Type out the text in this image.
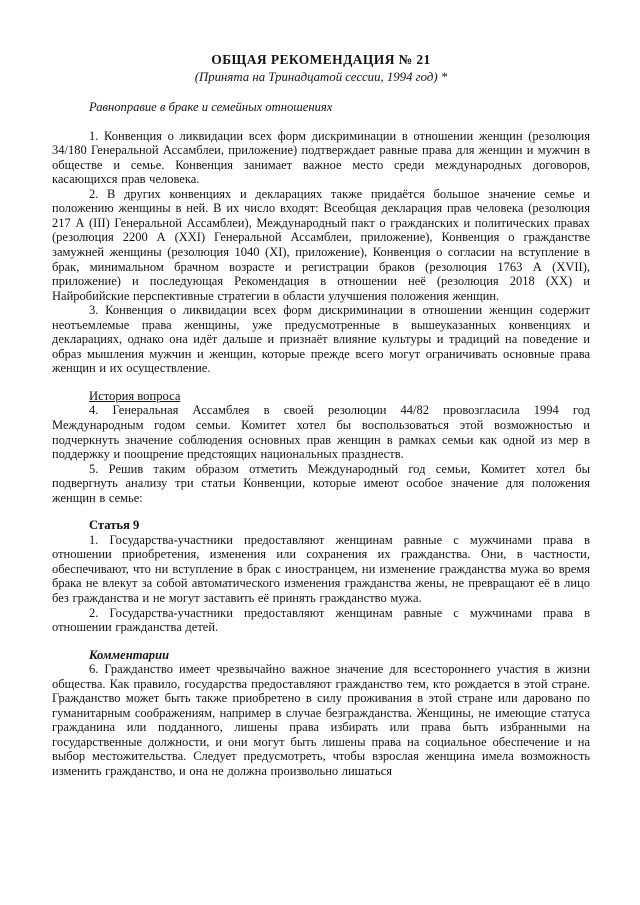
ОБЩАЯ РЕКОМЕНДАЦИЯ № 21
(Принята на Тринадцатой сессии, 1994 год) *
Равноправие в браке и семейных отношениях

1. Конвенция о ликвидации всех форм дискриминации в отношении женщин (резолюция 34/180 Генеральной Ассамблеи, приложение) подтверждает равные права для женщин и мужчин в обществе и семье. Конвенция занимает важное место среди международных договоров, касающихся прав человека.

2. В других конвенциях и декларациях также придаётся большое значение семье и положению женщины в ней. В их число входят: Всеобщая декларация прав человека (резолюция 217 А (III) Генеральной Ассамблеи), Международный пакт о гражданских и политических правах (резолюция 2200 А (XXI) Генеральной Ассамблеи, приложение), Конвенция о гражданстве замужней женщины (резолюция 1040 (XI), приложение), Конвенция о согласии на вступление в брак, минимальном брачном возрасте и регистрации браков (резолюция 1763 А (XVII), приложение) и последующая Рекомендация в отношении неё (резолюция 2018 (XX) и Найробийские перспективные стратегии в области улучшения положения женщин.

3. Конвенция о ликвидации всех форм дискриминации в отношении женщин содержит неотъемлемые права женщины, уже предусмотренные в вышеуказанных конвенциях и декларациях, однако она идёт дальше и признаёт влияние культуры и традиций на поведение и образ мышления мужчин и женщин, которые прежде всего могут ограничивать основные права женщин и их осуществление.

История вопроса

4. Генеральная Ассамблея в своей резолюции 44/82 провозгласила 1994 год Международным годом семьи. Комитет хотел бы воспользоваться этой возможностью и подчеркнуть значение соблюдения основных прав женщин в рамках семьи как одной из мер в поддержку и поощрение предстоящих национальных празднеств.

5. Решив таким образом отметить Международный год семьи, Комитет хотел бы подвергнуть анализу три статьи Конвенции, которые имеют особое значение для положения женщин в семье:

Статья 9

1. Государства-участники предоставляют женщинам равные с мужчинами права в отношении приобретения, изменения или сохранения их гражданства. Они, в частности, обеспечивают, что ни вступление в брак с иностранцем, ни изменение гражданства мужа во время брака не влекут за собой автоматического изменения гражданства жены, не превращают её в лицо без гражданства и не могут заставить её принять гражданство мужа.

2. Государства-участники предоставляют женщинам равные с мужчинами права в отношении гражданства детей.

Комментарии

6. Гражданство имеет чрезвычайно важное значение для всестороннего участия в жизни общества. Как правило, государства предоставляют гражданство тем, кто рождается в этой стране. Гражданство может быть также приобретено в силу проживания в этой стране или даровано по гуманитарным соображениям, например в случае безгражданства. Женщины, не имеющие статуса гражданина или подданного, лишены права избирать или права быть избранными на государственные должности, и они могут быть лишены права на социальное обеспечение и на выбор местожительства. Следует предусмотреть, чтобы взрослая женщина имела возможность изменить гражданство, и она не должна произвольно лишаться
